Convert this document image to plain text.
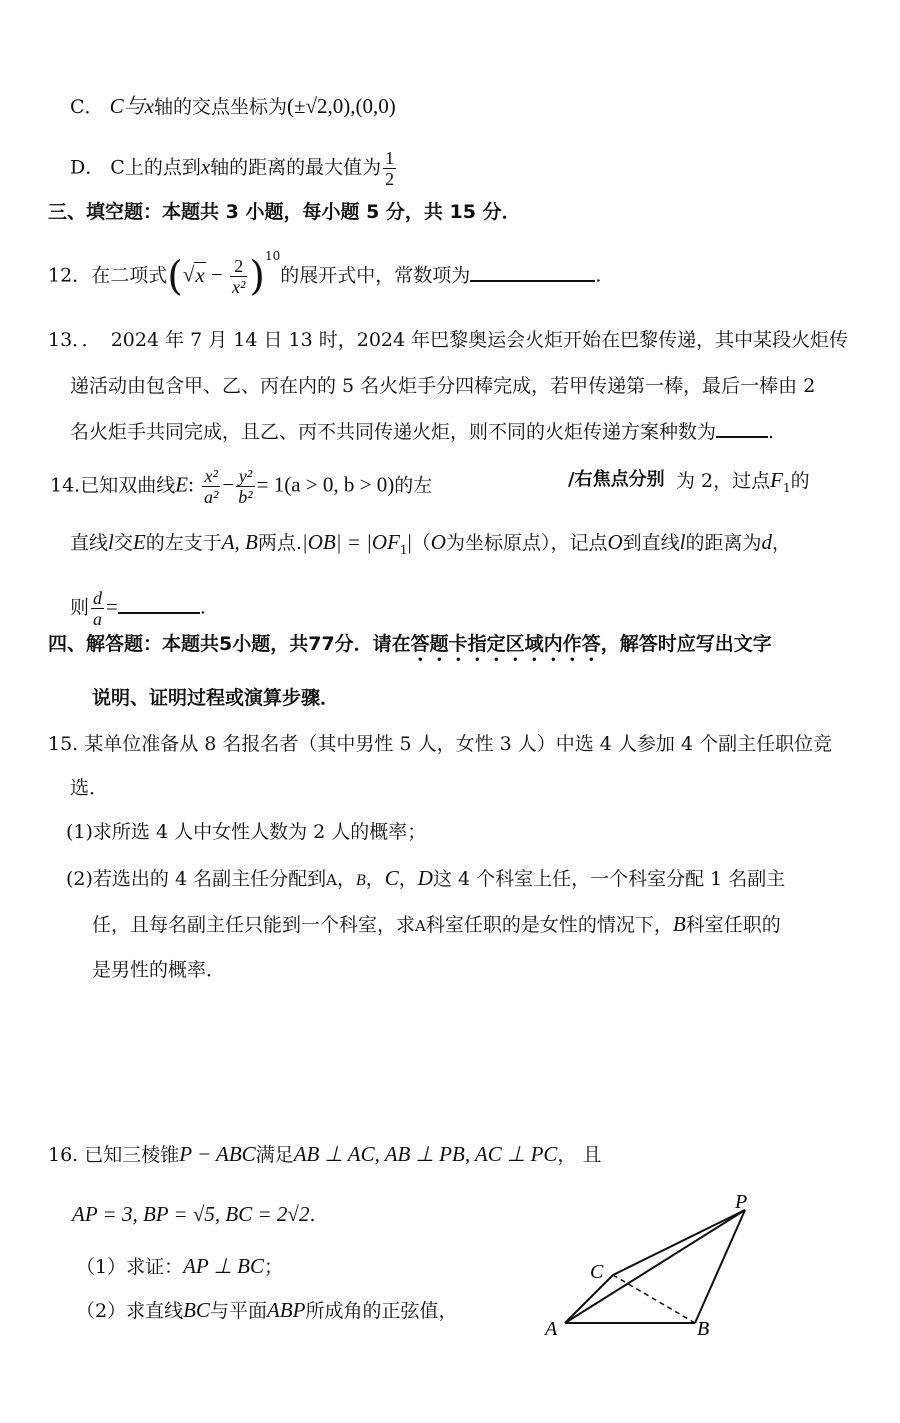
C． C与x轴的交点坐标为(±√2,0),(0,0)
D． C上的点到x轴的距离的最大值为 $\frac{1}{2}$
三、填空题：本题共 3 小题，每小题 5 分，共 15 分．
12．在二项式$(√x - \frac{2}{\text{x²}} )^{10}$的展开式中，常数项为	.
13．． 2024 年 7 月 14 日 13 时，2024 年巴黎奥运会火炬开始在巴黎传递，其中某段火炬传
递活动由包含甲、乙、丙在内的 5 名火炬手分四棒完成，若甲传递第一棒，最后一棒由 2
名火炬手共同完成，且乙、丙不共同传递火炬，则不同的火炬传递方案种数为	.
14.已知双曲线E: $\frac{\text{x²}}{\text{a²}} - \frac{\text{y²}}{\text{b²}} = 1(a > 0$, b > 0)的左	/右焦点分别 为 2，过点$F_1$的
直线l交E的左支于A, B两点$.|OB| = |OF_1|(O$为坐标原点），记点O到直线l的距离为d，
则 $\frac{d}{a}$ =	.
四、解答题：本题共5小题，共77分．请在答题卡指定区域内作答，解答时应写出文字
说明、证明过程或演算步骤．
15. 某单位准备从 8 名报名者（其中男性 5 人，女性 3 人）中选 4 人参加 4 个副主任职位竞
选．
(1)求所选 4 人中女性人数为 2 人的概率；
(2)若选出的 4 名副主任分配到A，B，C，D这 4 个科室上任，一个科室分配 1 名副主
任，且每名副主任只能到一个科室，求A科室任职的是女性的情况下，B科室任职的
是男性的概率．
16. 已知三棱锥P − ABC满足AB ⊥ AC, AB ⊥ PB, AC ⊥ PC， 且
AP = 3, BP = √5, BC = 2√2.
（1）求证：AP ⊥ BC；
（2）求直线BC与平面ABP所成角的正弦值，
P
C
A	B
